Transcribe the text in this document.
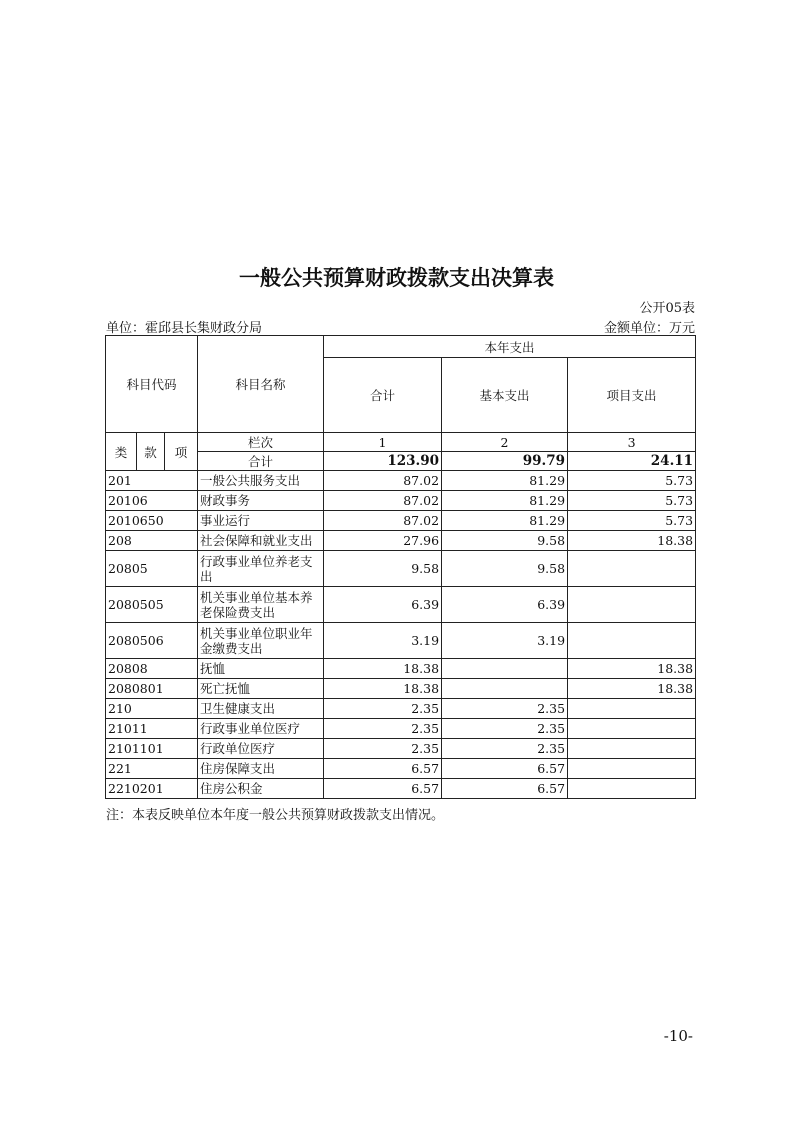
一般公共预算财政拨款支出决算表
公开05表
单位：霍邱县长集财政分局	金额单位：万元
科目代码			科目名称	本年支出		
				合计	基本支出	项目支出
类	款	项	栏次	1	2	3
			合计	123.90	99.79	24.11
201			一般公共服务支出	87.02	81.29	5.73
20106			财政事务	87.02	81.29	5.73
2010650			事业运行	87.02	81.29	5.73
208			社会保障和就业支出	27.96	9.58	18.38
20805			行政事业单位养老支出	9.58	9.58	
2080505			机关事业单位基本养老保险费支出	6.39	6.39	
2080506			机关事业单位职业年金缴费支出	3.19	3.19	
20808			抚恤	18.38		18.38
2080801			死亡抚恤	18.38		18.38
210			卫生健康支出	2.35	2.35	
21011			行政事业单位医疗	2.35	2.35	
2101101			行政单位医疗	2.35	2.35	
221			住房保障支出	6.57	6.57	
2210201			住房公积金	6.57	6.57	
注：本表反映单位本年度一般公共预算财政拨款支出情况。
-10-
